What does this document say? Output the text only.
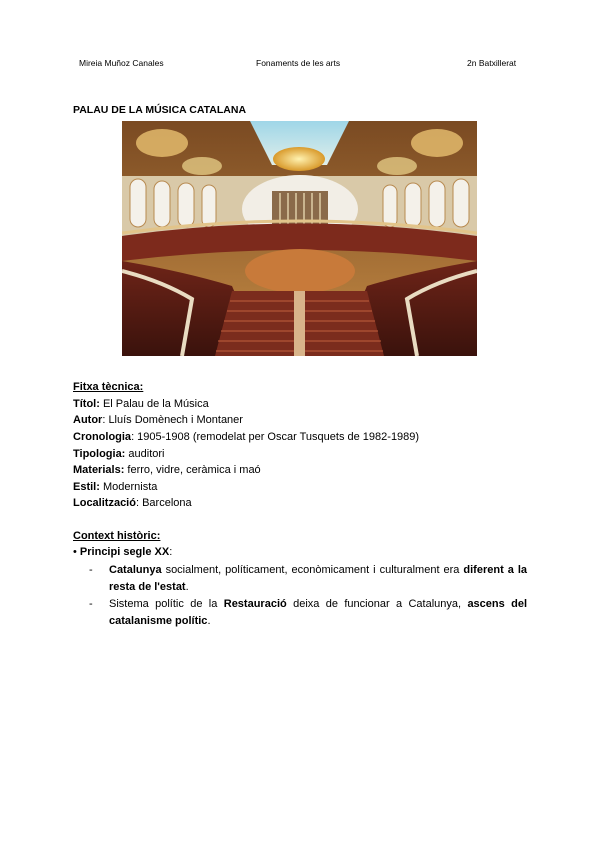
Mireia Muñoz Canales	Fonaments de les arts	2n Batxillerat
PALAU DE LA MÚSICA CATALANA
Fitxa tècnica:
Títol: El Palau de la Música
Autor: Lluís Domènech i Montaner
Cronologia: 1905-1908 (remodelat per Oscar Tusquets de 1982-1989)
Tipologia: auditori
Materials: ferro, vidre, ceràmica i maó
Estil: Modernista
Localització: Barcelona
Context històric:
• Principi segle XX:
- Catalunya socialment, políticament, econòmicament i culturalment era diferent a la resta de l'estat.
- Sistema polític de la Restauració deixa de funcionar a Catalunya, ascens del catalanisme polític.
